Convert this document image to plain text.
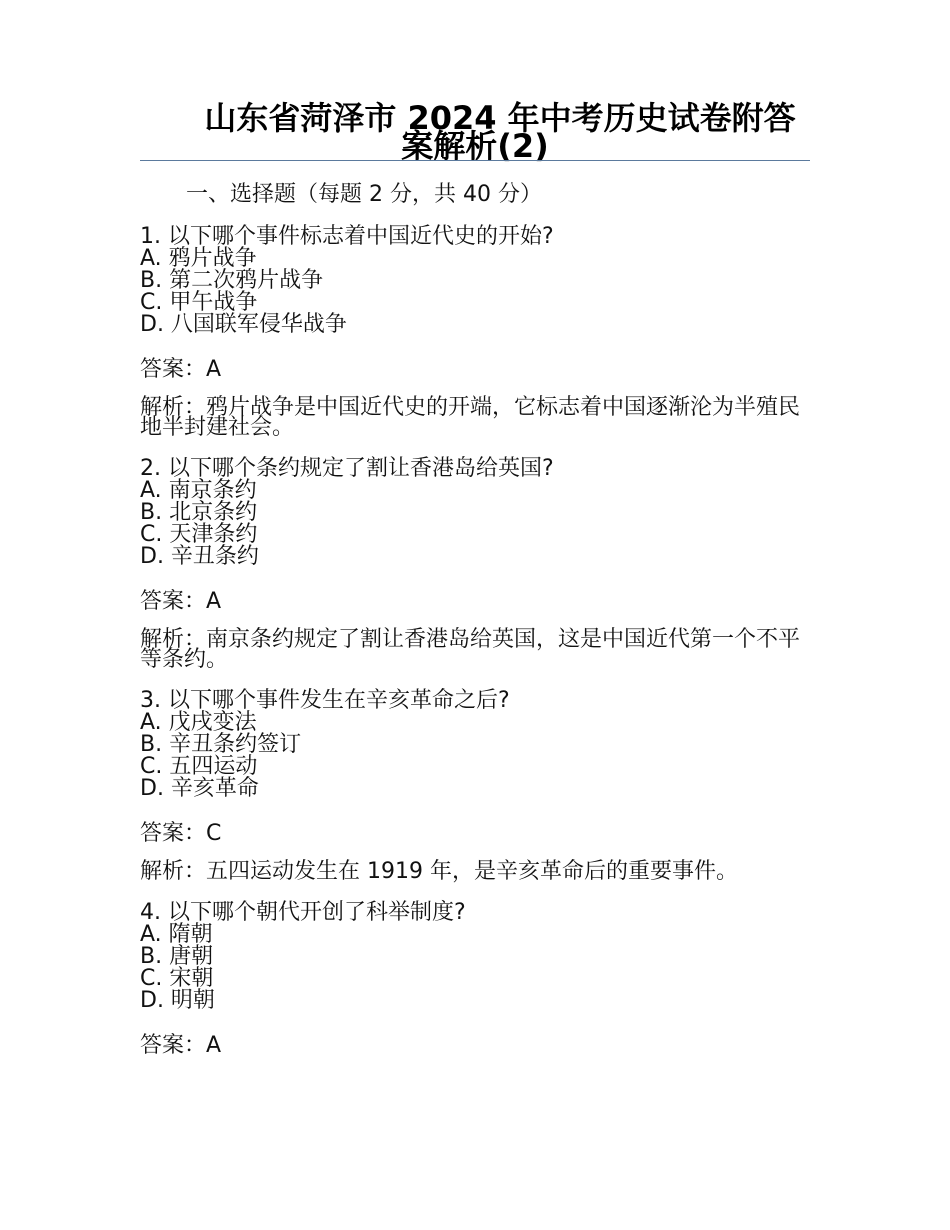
山东省菏泽市 2024 年中考历史试卷附答
案解析(2)
一、选择题（每题 2 分，共 40 分）
1. 以下哪个事件标志着中国近代史的开始?
A. 鸦片战争
B. 第二次鸦片战争
C. 甲午战争
D. 八国联军侵华战争
答案：A
解析：鸦片战争是中国近代史的开端，它标志着中国逐渐沦为半殖民地半封建社会。
2. 以下哪个条约规定了割让香港岛给英国?
A. 南京条约
B. 北京条约
C. 天津条约
D. 辛丑条约
答案：A
解析：南京条约规定了割让香港岛给英国，这是中国近代第一个不平等条约。
3. 以下哪个事件发生在辛亥革命之后?
A. 戊戌变法
B. 辛丑条约签订
C. 五四运动
D. 辛亥革命
答案：C
解析：五四运动发生在 1919 年，是辛亥革命后的重要事件。
4. 以下哪个朝代开创了科举制度?
A. 隋朝
B. 唐朝
C. 宋朝
D. 明朝
答案：A
